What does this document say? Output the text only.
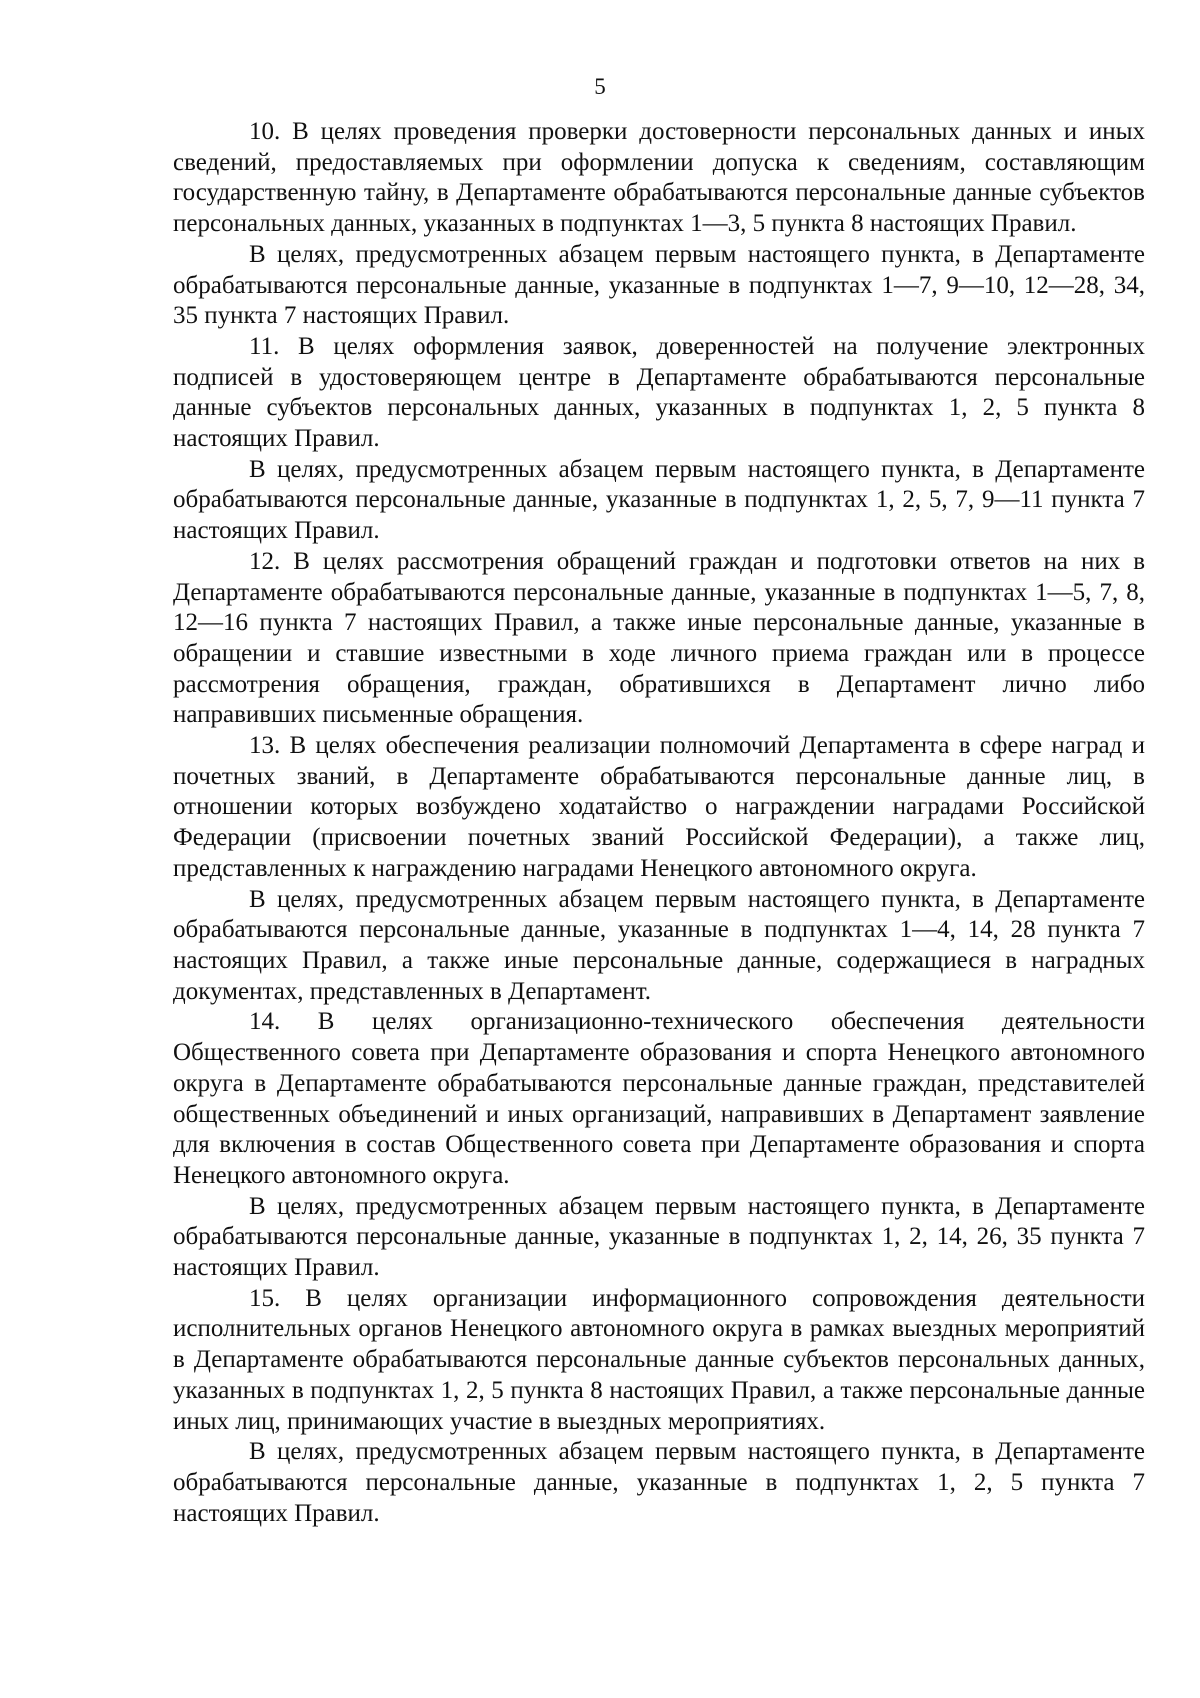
5

10. В целях проведения проверки достоверности персональных данных и иных сведений, предоставляемых при оформлении допуска к сведениям, составляющим государственную тайну, в Департаменте обрабатываются персональные данные субъектов персональных данных, указанных в подпунктах 1—3, 5 пункта 8 настоящих Правил.

В целях, предусмотренных абзацем первым настоящего пункта, в Департаменте обрабатываются персональные данные, указанные в подпунктах 1—7, 9—10, 12—28, 34, 35 пункта 7 настоящих Правил.

11. В целях оформления заявок, доверенностей на получение электронных подписей в удостоверяющем центре в Департаменте обрабатываются персональные данные субъектов персональных данных, указанных в подпунктах 1, 2, 5 пункта 8 настоящих Правил.

В целях, предусмотренных абзацем первым настоящего пункта, в Департаменте обрабатываются персональные данные, указанные в подпунктах 1, 2, 5, 7, 9—11 пункта 7 настоящих Правил.

12. В целях рассмотрения обращений граждан и подготовки ответов на них в Департаменте обрабатываются персональные данные, указанные в подпунктах 1—5, 7, 8, 12—16 пункта 7 настоящих Правил, а также иные персональные данные, указанные в обращении и ставшие известными в ходе личного приема граждан или в процессе рассмотрения обращения, граждан, обратившихся в Департамент лично либо направивших письменные обращения.

13. В целях обеспечения реализации полномочий Департамента в сфере наград и почетных званий, в Департаменте обрабатываются персональные данные лиц, в отношении которых возбуждено ходатайство о награждении наградами Российской Федерации (присвоении почетных званий Российской Федерации), а также лиц, представленных к награждению наградами Ненецкого автономного округа.

В целях, предусмотренных абзацем первым настоящего пункта, в Департаменте обрабатываются персональные данные, указанные в подпунктах 1—4, 14, 28 пункта 7 настоящих Правил, а также иные персональные данные, содержащиеся в наградных документах, представленных в Департамент.

14. В целях организационно-технического обеспечения деятельности Общественного совета при Департаменте образования и спорта Ненецкого автономного округа в Департаменте обрабатываются персональные данные граждан, представителей общественных объединений и иных организаций, направивших в Департамент заявление для включения в состав Общественного совета при Департаменте образования и спорта Ненецкого автономного округа.

В целях, предусмотренных абзацем первым настоящего пункта, в Департаменте обрабатываются персональные данные, указанные в подпунктах 1, 2, 14, 26, 35 пункта 7 настоящих Правил.

15. В целях организации информационного сопровождения деятельности исполнительных органов Ненецкого автономного округа в рамках выездных мероприятий в Департаменте обрабатываются персональные данные субъектов персональных данных, указанных в подпунктах 1, 2, 5 пункта 8 настоящих Правил, а также персональные данные иных лиц, принимающих участие в выездных мероприятиях.

В целях, предусмотренных абзацем первым настоящего пункта, в Департаменте обрабатываются персональные данные, указанные в подпунктах 1, 2, 5 пункта 7 настоящих Правил.
